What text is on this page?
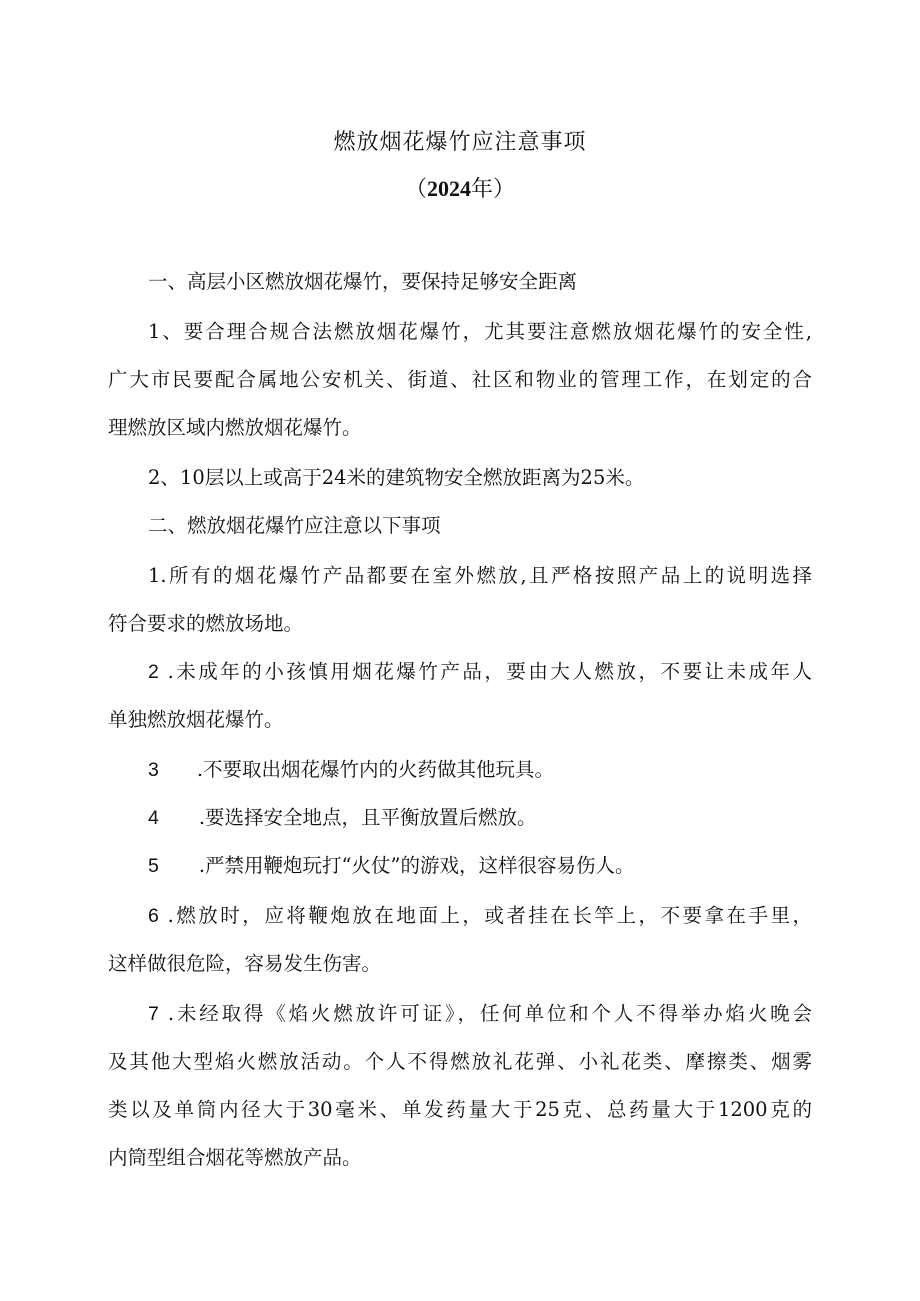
燃放烟花爆竹应注意事项
（2024年）
一、高层小区燃放烟花爆竹，要保持足够安全距离
1、要合理合规合法燃放烟花爆竹，尤其要注意燃放烟花爆竹的安全性,
广大市民要配合属地公安机关、街道、社区和物业的管理工作，在划定的合
理燃放区域内燃放烟花爆竹。
2、10层以上或高于24米的建筑物安全燃放距离为25米。
二、燃放烟花爆竹应注意以下事项
1.所有的烟花爆竹产品都要在室外燃放,且严格按照产品上的说明选择
符合要求的燃放场地。
2 .未成年的小孩慎用烟花爆竹产品，要由大人燃放，不要让未成年人
单独燃放烟花爆竹。
3 .不要取出烟花爆竹内的火药做其他玩具。
4 .要选择安全地点，且平衡放置后燃放。
5 .严禁用鞭炮玩打“火仗”的游戏，这样很容易伤人。
6 .燃放时，应将鞭炮放在地面上，或者挂在长竿上，不要拿在手里，
这样做很危险，容易发生伤害。
7 .未经取得《焰火燃放许可证》，任何单位和个人不得举办焰火晚会
及其他大型焰火燃放活动。个人不得燃放礼花弹、小礼花类、摩擦类、烟雾
类以及单筒内径大于30毫米、单发药量大于25克、总药量大于1200克的
内筒型组合烟花等燃放产品。
